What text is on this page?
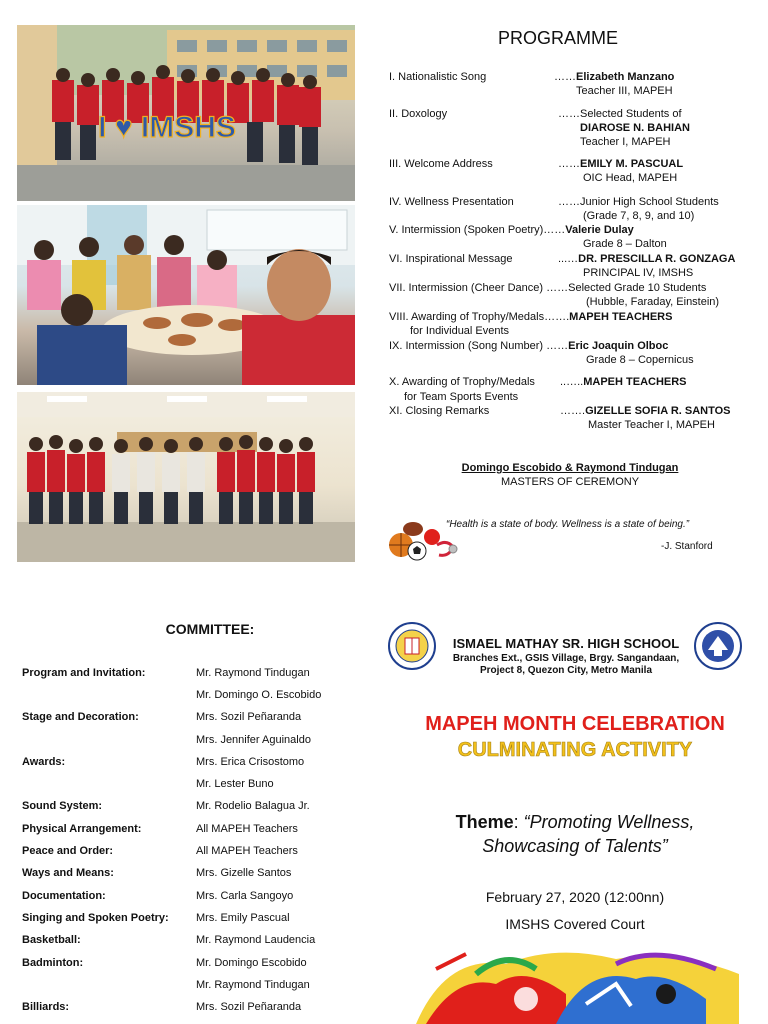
I ♥ IMSHS
PROGRAMME
I. Nationalistic Song	……Elizabeth Manzano
Teacher III, MAPEH
II. Doxology	……Selected Students of
DIAROSE N. BAHIAN
Teacher I, MAPEH
III. Welcome Address	……EMILY M. PASCUAL
OIC Head, MAPEH
IV. Wellness Presentation	……Junior High School Students
(Grade 7, 8, 9, and 10)
V. Intermission (Spoken Poetry)……Valerie Dulay
Grade 8 – Dalton
VI. Inspirational Message	...…DR. PRESCILLA R. GONZAGA
PRINCIPAL IV, IMSHS
VII. Intermission (Cheer Dance) ……Selected Grade 10 Students
(Hubble, Faraday, Einstein)
VIII. Awarding of Trophy/Medals…….MAPEH TEACHERS
for Individual Events
IX. Intermission (Song Number) ……Eric Joaquin Olboc
Grade 8 – Copernicus
X. Awarding of Trophy/Medals ..…..MAPEH TEACHERS
for Team Sports Events
XI. Closing Remarks	…….GIZELLE SOFIA R. SANTOS
Master Teacher I, MAPEH
Domingo Escobido & Raymond Tindugan
MASTERS OF CEREMONY
“Health is a state of body. Wellness is a state of being.”
-J. Stanford
COMMITTEE:
Program and Invitation:	Mr. Raymond Tindugan
Mr. Domingo O. Escobido
Stage and Decoration:	Mrs. Sozil Peñaranda
Mrs. Jennifer Aguinaldo
Awards:	Mrs. Erica Crisostomo
Mr. Lester Buno
Sound System:	Mr. Rodelio Balagua Jr.
Physical Arrangement:	All MAPEH Teachers
Peace and Order:	All MAPEH Teachers
Ways and Means:	Mrs. Gizelle Santos
Documentation:	Mrs. Carla Sangoyo
Singing and Spoken Poetry: Mrs. Emily Pascual
Basketball:	Mr. Raymond Laudencia
Badminton:	Mr. Domingo Escobido
Mr. Raymond Tindugan
Billiards:	Mrs. Sozil Peñaranda
ISMAEL MATHAY SR. HIGH SCHOOL
Branches Ext., GSIS Village, Brgy. Sangandaan,
Project 8, Quezon City, Metro Manila
MAPEH MONTH CELEBRATION
CULMINATING ACTIVITY
Theme: “Promoting Wellness,
Showcasing of Talents”
February 27, 2020 (12:00nn)
IMSHS Covered Court
